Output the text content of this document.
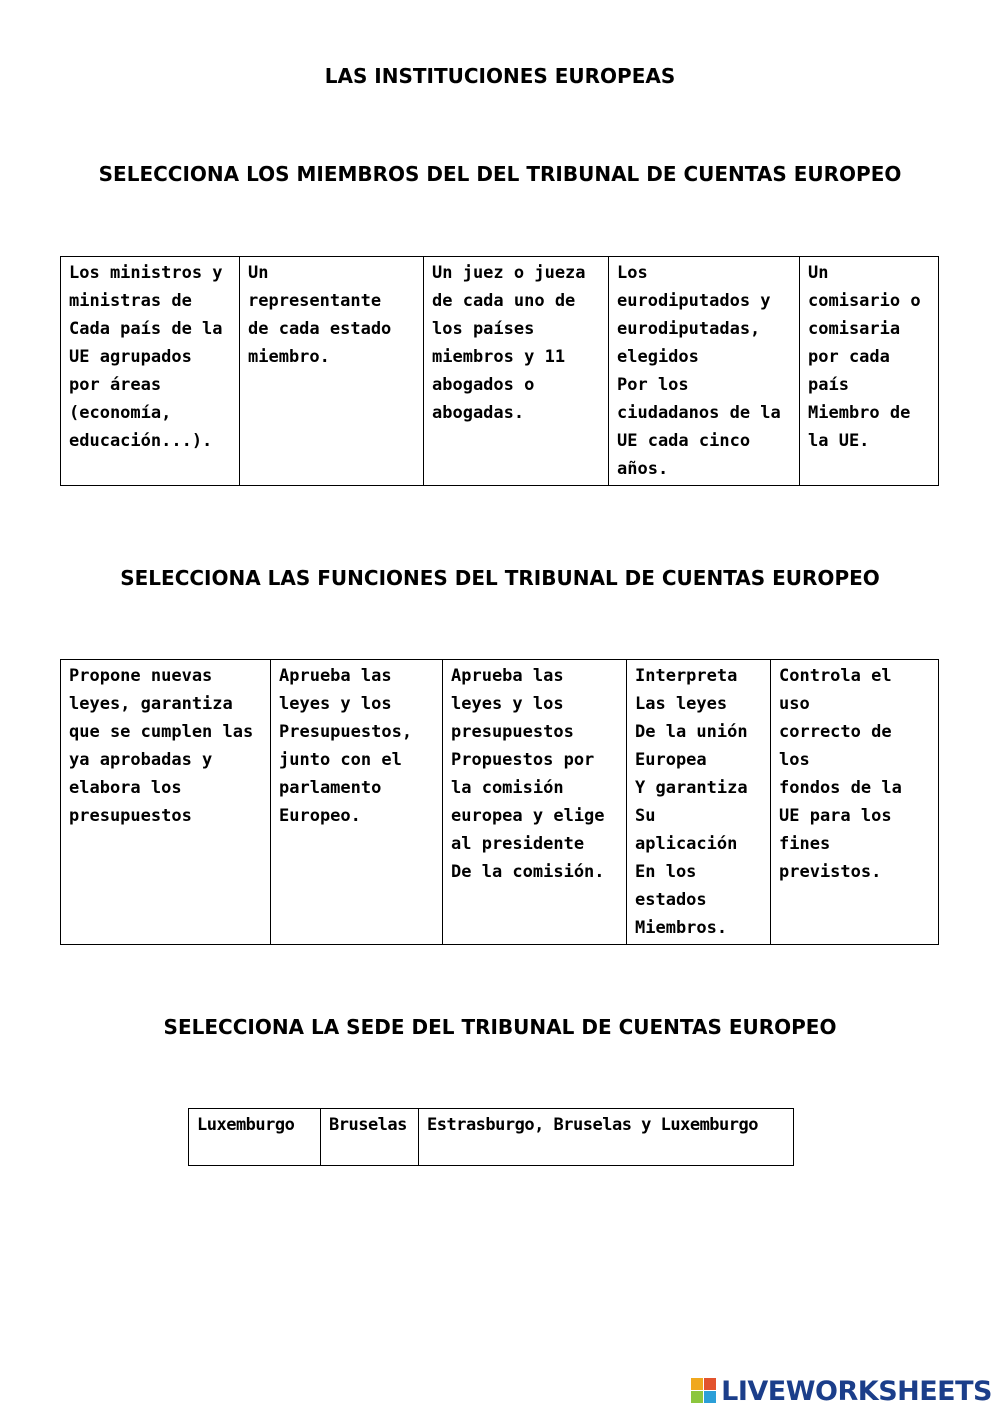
LAS INSTITUCIONES EUROPEAS
SELECCIONA LOS MIEMBROS DEL DEL TRIBUNAL DE CUENTAS EUROPEO
Los ministros y
ministras de
Cada país de la
UE agrupados
por áreas
(economía,
educación...).	Un
representante
de cada estado
miembro.	Un juez o jueza
de cada uno de
los países
miembros y 11
abogados o
abogadas.	Los
eurodiputados y
eurodiputadas,
elegidos
Por los
ciudadanos de la
UE cada cinco
años.	Un
comisario o
comisaria
por cada
país
Miembro de
la UE.
SELECCIONA LAS FUNCIONES DEL TRIBUNAL DE CUENTAS EUROPEO
Propone nuevas
leyes, garantiza
que se cumplen las
ya aprobadas y
elabora los
presupuestos	Aprueba las
leyes y los
Presupuestos,
junto con el
parlamento
Europeo.	Aprueba las
leyes y los
presupuestos
Propuestos por
la comisión
europea y elige
al presidente
De la comisión.	Interpreta
Las leyes
De la unión
Europea
Y garantiza
Su aplicación
En los
estados
Miembros.	Controla el uso
correcto de los
fondos de la
UE para los
fines
previstos.
SELECCIONA LA SEDE DEL TRIBUNAL DE CUENTAS EUROPEO
Luxemburgo	Bruselas	Estrasburgo, Bruselas y Luxemburgo
LIVEWORKSHEETS
